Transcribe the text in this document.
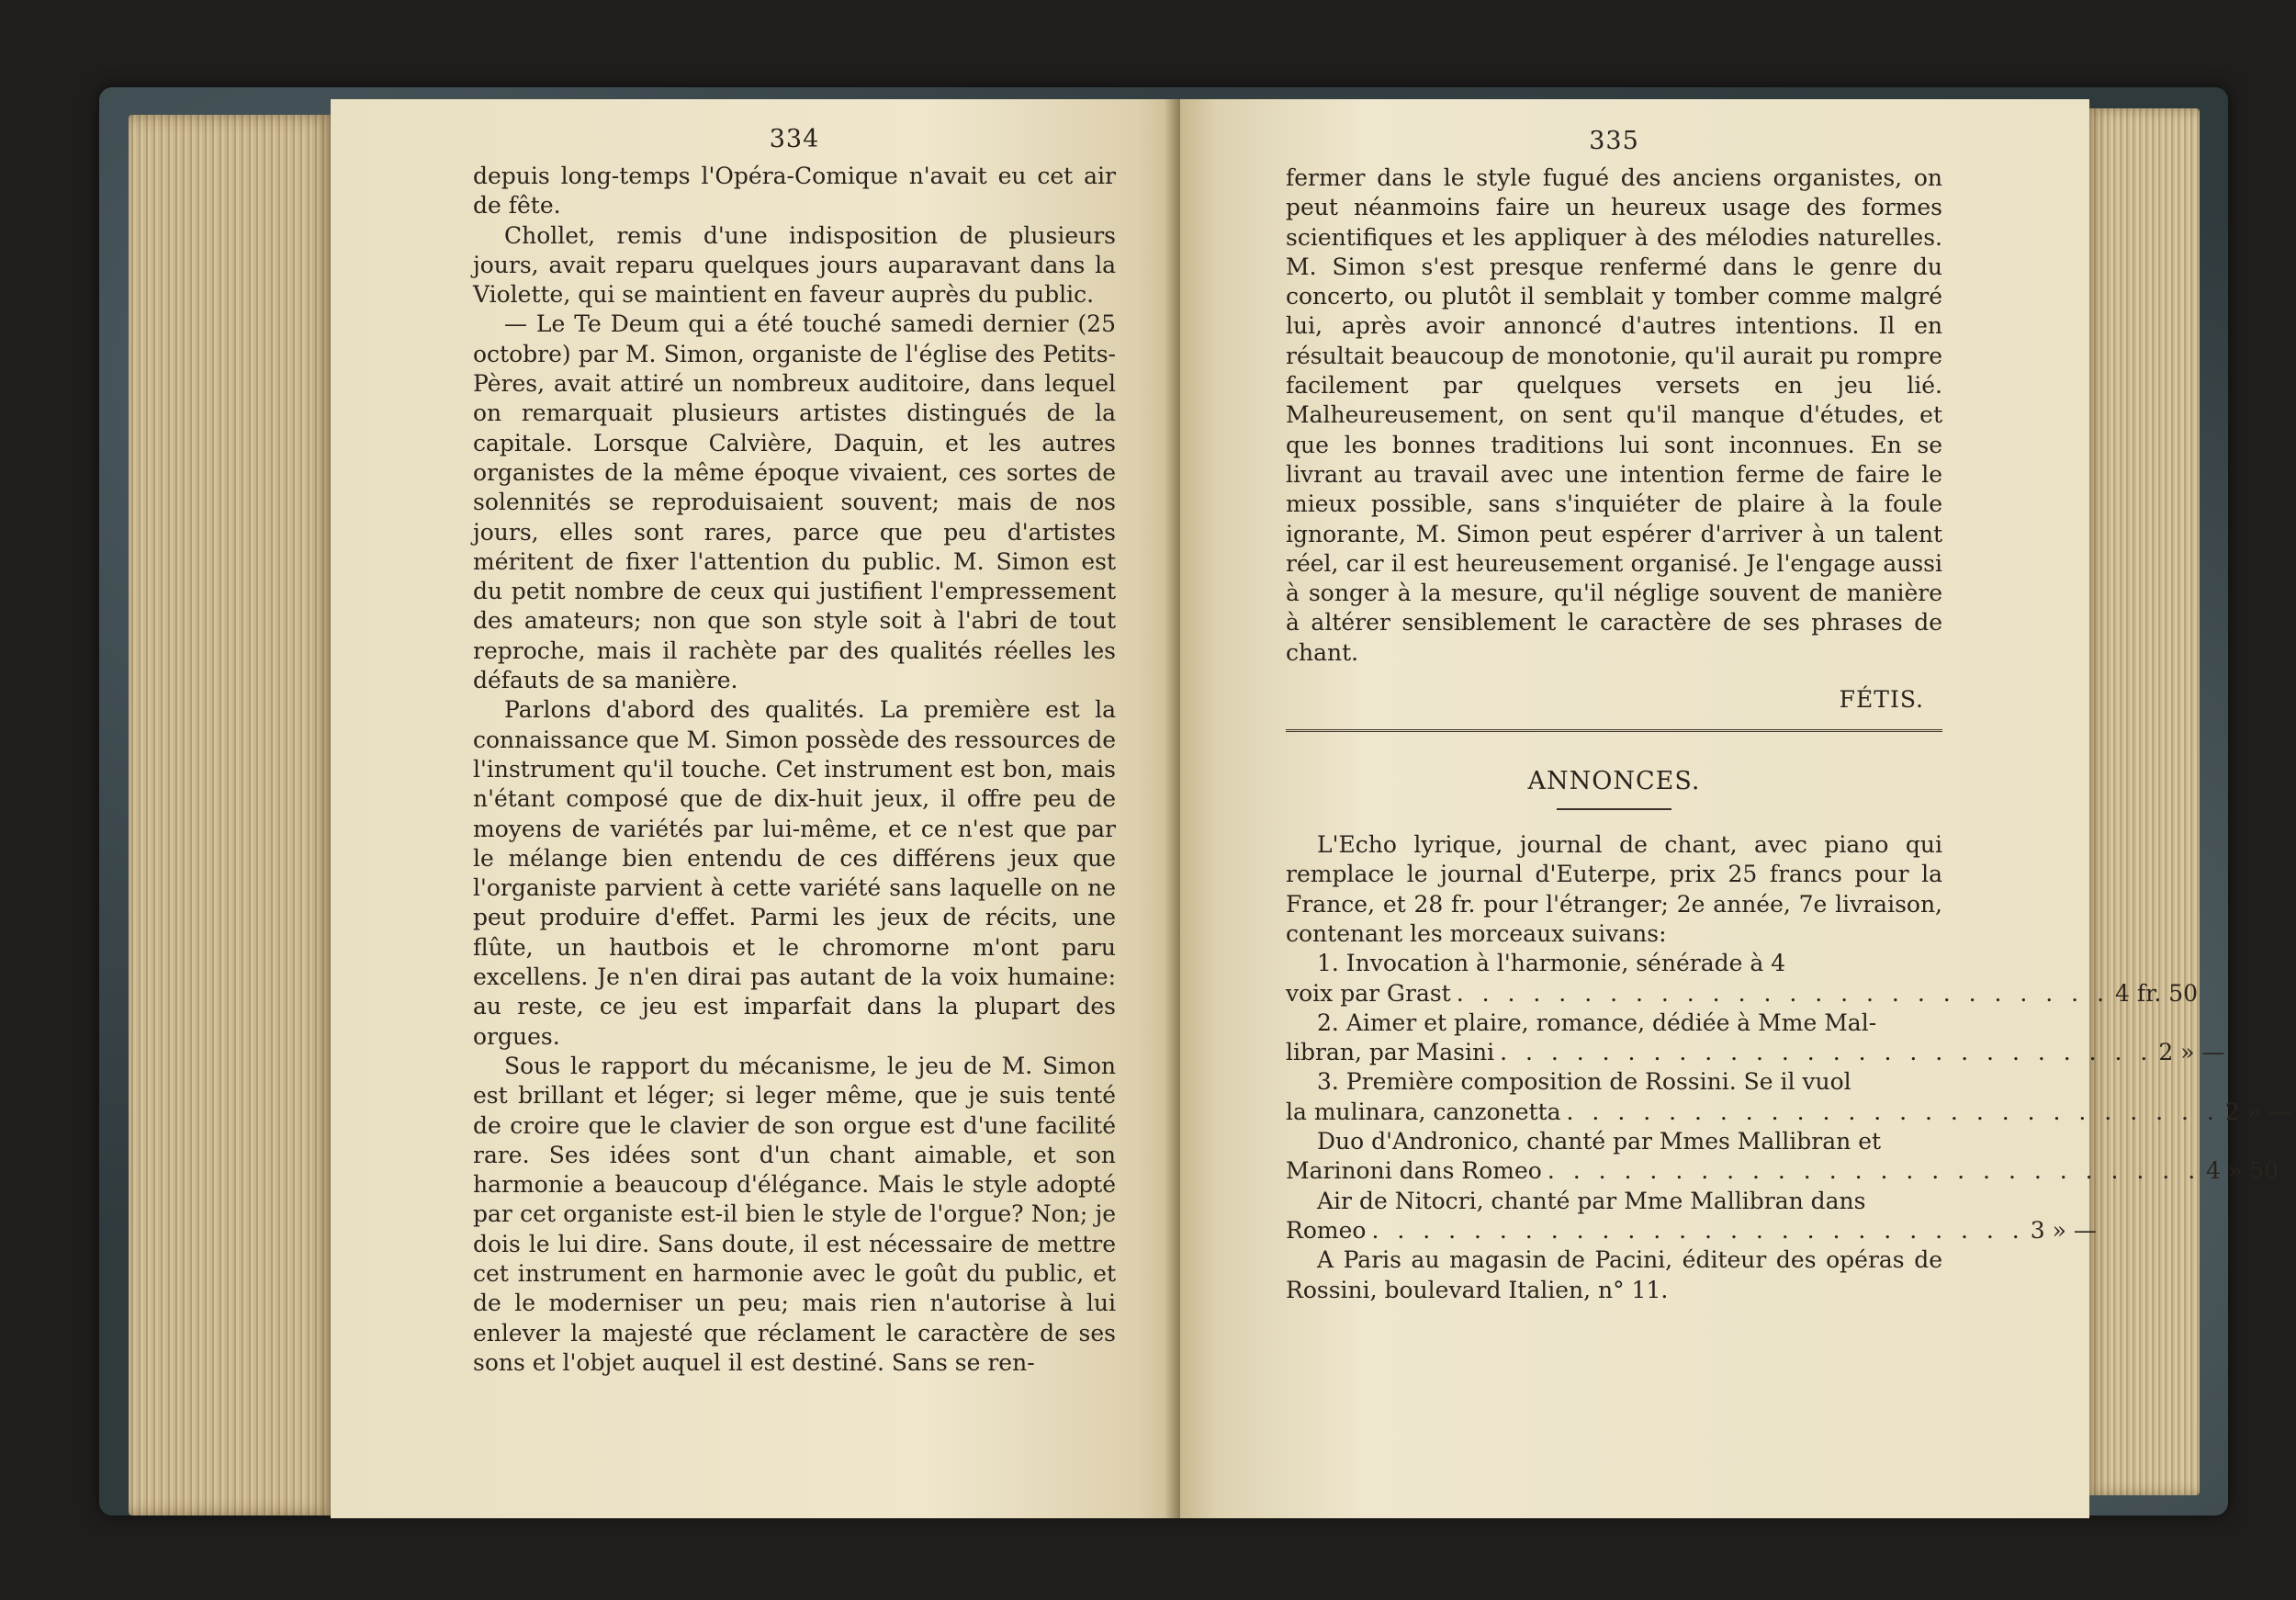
334

depuis long-temps l'Opéra-Comique n'avait eu cet air de fête.

Chollet, remis d'une indisposition de plusieurs jours, avait reparu quelques jours auparavant dans la Violette, qui se maintient en faveur auprès du public.

— Le Te Deum qui a été touché samedi dernier (25 octobre) par M. Simon, organiste de l'église des Petits-Pères, avait attiré un nombreux auditoire, dans lequel on remarquait plusieurs artistes distingués de la capitale. Lorsque Calvière, Daquin, et les autres organistes de la même époque vivaient, ces sortes de solennités se reproduisaient souvent; mais de nos jours, elles sont rares, parce que peu d'artistes méritent de fixer l'attention du public. M. Simon est du petit nombre de ceux qui justifient l'empressement des amateurs; non que son style soit à l'abri de tout reproche, mais il rachète par des qualités réelles les défauts de sa manière.

Parlons d'abord des qualités. La première est la connaissance que M. Simon possède des ressources de l'instrument qu'il touche. Cet instrument est bon, mais n'étant composé que de dix-huit jeux, il offre peu de moyens de variétés par lui-même, et ce n'est que par le mélange bien entendu de ces différens jeux que l'organiste parvient à cette variété sans laquelle on ne peut produire d'effet. Parmi les jeux de récits, une flûte, un hautbois et le chromorne m'ont paru excellens. Je n'en dirai pas autant de la voix humaine: au reste, ce jeu est imparfait dans la plupart des orgues.

Sous le rapport du mécanisme, le jeu de M. Simon est brillant et léger; si leger même, que je suis tenté de croire que le clavier de son orgue est d'une facilité rare. Ses idées sont d'un chant aimable, et son harmonie a beaucoup d'élégance. Mais le style adopté par cet organiste est-il bien le style de l'orgue? Non; je dois le lui dire. Sans doute, il est nécessaire de mettre cet instrument en harmonie avec le goût du public, et de le moderniser un peu; mais rien n'autorise à lui enlever la majesté que réclament le caractère de ses sons et l'objet auquel il est destiné. Sans se ren-

335

fermer dans le style fugué des anciens organistes, on peut néanmoins faire un heureux usage des formes scientifiques et les appliquer à des mélodies naturelles. M. Simon s'est presque renfermé dans le genre du concerto, ou plutôt il semblait y tomber comme malgré lui, après avoir annoncé d'autres intentions. Il en résultait beaucoup de monotonie, qu'il aurait pu rompre facilement par quelques versets en jeu lié. Malheureusement, on sent qu'il manque d'études, et que les bonnes traditions lui sont inconnues. En se livrant au travail avec une intention ferme de faire le mieux possible, sans s'inquiéter de plaire à la foule ignorante, M. Simon peut espérer d'arriver à un talent réel, car il est heureusement organisé. Je l'engage aussi à songer à la mesure, qu'il néglige souvent de manière à altérer sensiblement le caractère de ses phrases de chant.

FÉTIS.
ANNONCES.

L'Echo lyrique, journal de chant, avec piano qui remplace le journal d'Euterpe, prix 25 francs pour la France, et 28 fr. pour l'étranger; 2e année, 7e livraison, contenant les morceaux suivans:

1. Invocation à l'harmonie, sénérade à 4
voix par Grast . . . . . . . . . . . . . . . . . . . . . . . . . . 4 fr. 50
2. Aimer et plaire, romance, dédiée à Mme Mal-
libran, par Masini . . . . . . . . . . . . . . . . . . . . . . . . . . 2 » —
3. Première composition de Rossini. Se il vuol
la mulinara, canzonetta . . . . . . . . . . . . . . . . . . . . . . . . . . 2 » —
Duo d'Andronico, chanté par Mmes Mallibran et
Marinoni dans Romeo . . . . . . . . . . . . . . . . . . . . . . . . . . 4 » 50
Air de Nitocri, chanté par Mme Mallibran dans
Romeo . . . . . . . . . . . . . . . . . . . . . . . . . . 3 » —

A Paris au magasin de Pacini, éditeur des opéras de Rossini, boulevard Italien, n° 11.
